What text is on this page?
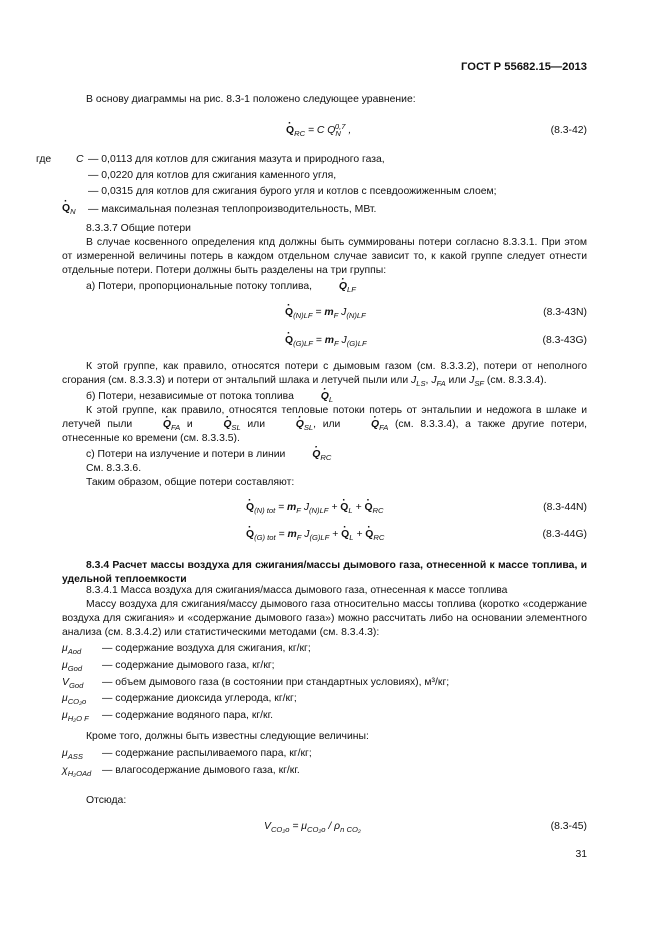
ГОСТ Р 55682.15—2013
В основу диаграммы на рис. 8.3-1 положено следующее уравнение:
· $Q_{RC} = C$ $Q_N^{0,7}$ ,	(8.3-42)
где C — 0,0113 для котлов для сжигания мазута и природного газа,
— 0,0220 для котлов для сжигания каменного угля,
— 0,0315 для котлов для сжигания бурого угля и котлов с псевдоожиженным слоем;
· $Q_N$ — максимальная полезная теплопроизводительность, МВт.
8.3.3.7 Общие потери
В случае косвенного определения кпд должны быть суммированы потери согласно 8.3.3.1. При этом от измеренной величины потерь в каждом отдельном случае зависит то, к какой группе следует отнести отдельные потери. Потери должны быть разделены на три группы:
а) Потери, пропорциональные потоку топлива,	· $Q_{LF}$
· $Q_{(N)LF} = m_F$ $J_{(N)LF}$	(8.3-43N)
· $Q_{(G)LF} = m_F$ $J_{(G)LF}$	(8.3-43G)
К этой группе, как правило, относятся потери с дымовым газом (см. 8.3.3.2), потери от неполного сгорания (см. 8.3.3.3) и потери от энтальпий шлака и летучей пыли или $J_{LS}$, $J_{FA}$ или $J_{SF}$ (см. 8.3.3.4).
б) Потери, независимые от потока топлива	· $Q_L$
К этой группе, как правило, относятся тепловые потоки потерь от энтальпии и недожога в шлаке и летучей пыли	· $Q_{FA}$ $и \cdot Q_{SL}$ или · $Q_{SL}$, или · $Q_{FA}$ (см. 8.3.3.4), а также другие потери, отнесенные ко времени (см. 8.3.3.5).
с) Потери на излучение и потери в линии	· $Q_{RC}$
См. 8.3.3.6.
Таким образом, общие потери составляют:
· $Q_{(N) tot} = m_F$ $J_{(N)LF}$ + · $Q_L$ + · $Q_{RC}$	(8.3-44N)
· $Q_{(G) tot} = m_F$ $J_{(G)LF}$ + · $Q_L$ + · $Q_{RC}$	(8.3-44G)
8.3.4 Расчет массы воздуха для сжигания/массы дымового газа, отнесенной к массе топлива, и удельной теплоемкости
8.3.4.1 Масса воздуха для сжигания/масса дымового газа, отнесенная к массе топлива
Массу воздуха для сжигания/массу дымового газа относительно массы топлива (коротко «содержание воздуха для сжигания» и «содержание дымового газа») можно рассчитать либо на основании элементного анализа (см. 8.3.4.2) или статистическими методами (см. 8.3.4.3):
$\mu_{Aod}$ — содержание воздуха для сжигания, кг/кг;
$\mu_{God}$ — содержание дымового газа, кг/кг;
$V_{God}$ — объем дымового газа (в состоянии при стандартных условиях), м³/кг;
$\mu_{CO_2o}$ — содержание диоксида углерода, кг/кг;
$\mu_{H_2O F}$ — содержание водяного пара, кг/кг.
Кроме того, должны быть известны следующие величины:
$\mu_{ASS}$ — содержание распыливаемого пара, кг/кг;
$\chi_{H_2OAd}$ — влагосодержание дымового газа, кг/кг.
Отсюда:
$V_{CO_2o} = \mu_{CO_2o} / \rho_{n CO_2}$	(8.3-45)
31
